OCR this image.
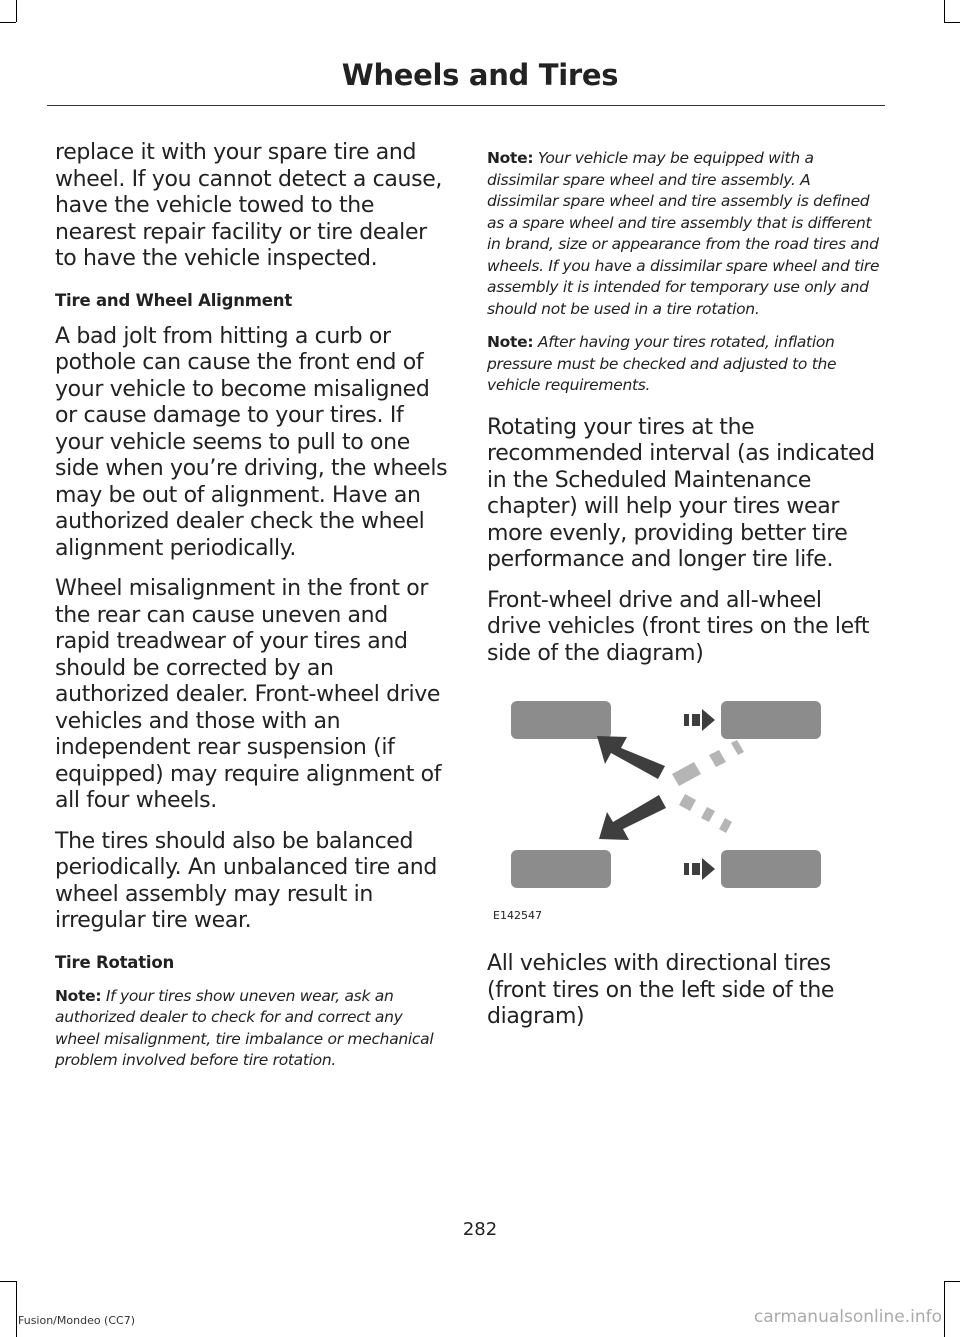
Wheels and Tires

replace it with your spare tire and wheel. If you cannot detect a cause, have the vehicle towed to the nearest repair facility or tire dealer to have the vehicle inspected.

Tire and Wheel Alignment

A bad jolt from hitting a curb or pothole can cause the front end of your vehicle to become misaligned or cause damage to your tires. If your vehicle seems to pull to one side when you’re driving, the wheels may be out of alignment. Have an authorized dealer check the wheel alignment periodically.

Wheel misalignment in the front or the rear can cause uneven and rapid treadwear of your tires and should be corrected by an authorized dealer. Front-wheel drive vehicles and those with an independent rear suspension (if equipped) may require alignment of all four wheels.

The tires should also be balanced periodically. An unbalanced tire and wheel assembly may result in irregular tire wear.

Tire Rotation

Note: If your tires show uneven wear, ask an authorized dealer to check for and correct any wheel misalignment, tire imbalance or mechanical problem involved before tire rotation.

Note: Your vehicle may be equipped with a dissimilar spare wheel and tire assembly. A dissimilar spare wheel and tire assembly is defined as a spare wheel and tire assembly that is different in brand, size or appearance from the road tires and wheels. If you have a dissimilar spare wheel and tire assembly it is intended for temporary use only and should not be used in a tire rotation.

Note: After having your tires rotated, inflation pressure must be checked and adjusted to the vehicle requirements.

Rotating your tires at the recommended interval (as indicated in the Scheduled Maintenance chapter) will help your tires wear more evenly, providing better tire performance and longer tire life.

Front-wheel drive and all-wheel drive vehicles (front tires on the left side of the diagram)

E142547

All vehicles with directional tires (front tires on the left side of the diagram)

282
Fusion/Mondeo (CC7)	carmanualsonline.info
